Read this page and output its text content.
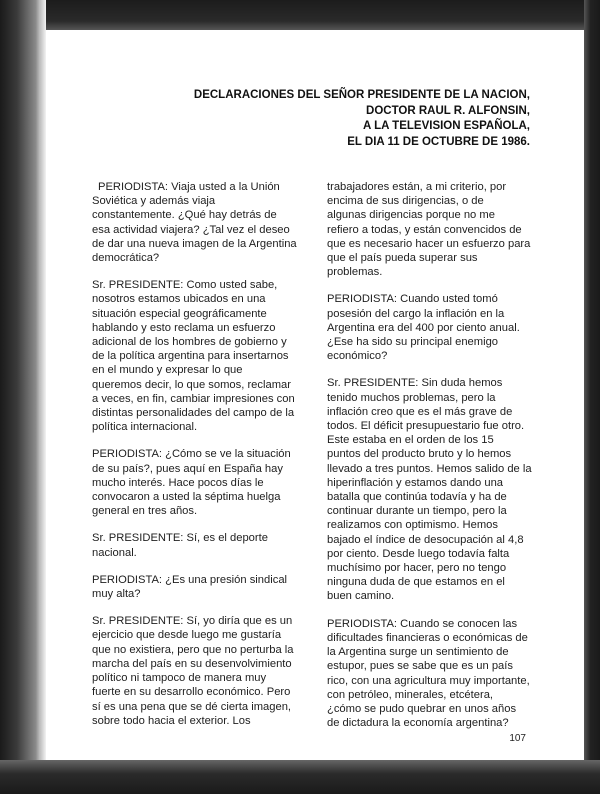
DECLARACIONES DEL SEÑOR PRESIDENTE DE LA NACION,
DOCTOR RAUL R. ALFONSIN,
A LA TELEVISION ESPAÑOLA,
EL DIA 11 DE OCTUBRE DE 1986.

PERIODISTA: Viaja usted a la Unión
Soviética y además viaja
constantemente. ¿Qué hay detrás de
esa actividad viajera? ¿Tal vez el deseo
de dar una nueva imagen de la Argentina
democrática?

Sr. PRESIDENTE: Como usted sabe,
nosotros estamos ubicados en una
situación especial geográficamente
hablando y esto reclama un esfuerzo
adicional de los hombres de gobierno y
de la política argentina para insertarnos
en el mundo y expresar lo que
queremos decir, lo que somos, reclamar
a veces, en fin, cambiar impresiones con
distintas personalidades del campo de la
política internacional.

PERIODISTA: ¿Cómo se ve la situación
de su país?, pues aquí en España hay
mucho interés. Hace pocos días le
convocaron a usted la séptima huelga
general en tres años.

Sr. PRESIDENTE: Sí, es el deporte
nacional.

PERIODISTA: ¿Es una presión sindical
muy alta?

Sr. PRESIDENTE: Sí, yo diría que es un
ejercicio que desde luego me gustaría
que no existiera, pero que no perturba la
marcha del país en su desenvolvimiento
político ni tampoco de manera muy
fuerte en su desarrollo económico. Pero
sí es una pena que se dé cierta imagen,
sobre todo hacia el exterior. Los

trabajadores están, a mi criterio, por
encima de sus dirigencias, o de
algunas dirigencias porque no me
refiero a todas, y están convencidos de
que es necesario hacer un esfuerzo para
que el país pueda superar sus
problemas.

PERIODISTA: Cuando usted tomó
posesión del cargo la inflación en la
Argentina era del 400 por ciento anual.
¿Ese ha sido su principal enemigo
económico?

Sr. PRESIDENTE: Sin duda hemos
tenido muchos problemas, pero la
inflación creo que es el más grave de
todos. El déficit presupuestario fue otro.
Este estaba en el orden de los 15
puntos del producto bruto y lo hemos
llevado a tres puntos. Hemos salido de la
hiperinflación y estamos dando una
batalla que continúa todavía y ha de
continuar durante un tiempo, pero la
realizamos con optimismo. Hemos
bajado el índice de desocupación al 4,8
por ciento. Desde luego todavía falta
muchísimo por hacer, pero no tengo
ninguna duda de que estamos en el
buen camino.

PERIODISTA: Cuando se conocen las
dificultades financieras o económicas de
la Argentina surge un sentimiento de
estupor, pues se sabe que es un país
rico, con una agricultura muy importante,
con petróleo, minerales, etcétera,
¿cómo se pudo quebrar en unos años
de dictadura la economía argentina?

107
